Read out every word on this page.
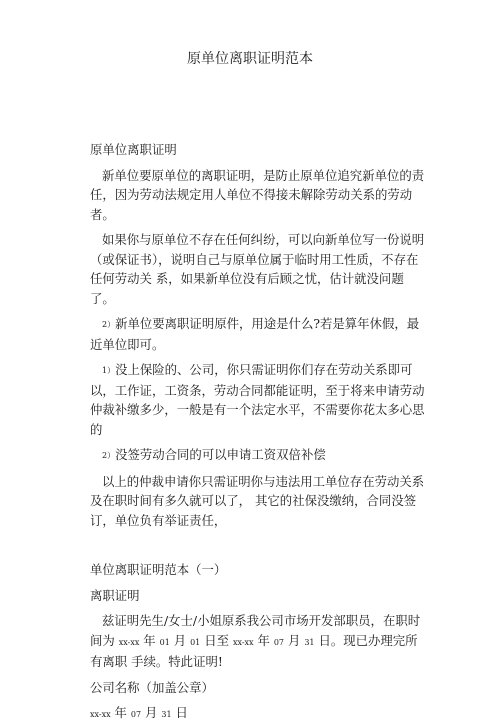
原单位离职证明范本

原单位离职证明

新单位要原单位的离职证明，是防止原单位追究新单位的责任，因为劳动法规定用人单位不得接未解除劳动关系的劳动者。

如果你与原单位不存在任何纠纷，可以向新单位写一份说明（或保证书），说明自己与原单位属于临时用工性质，不存在任何劳动关 系，如果新单位没有后顾之忧，估计就没问题了。

2）新单位要离职证明原件，用途是什么?若是算年休假，最近单位即可。

1）没上保险的、公司，你只需证明你们存在劳动关系即可以，工作证，工资条，劳动合同都能证明，至于将来申请劳动仲裁补缴多少，一般是有一个法定水平，不需要你花太多心思的

2）没签劳动合同的可以申请工资双倍补偿

以上的仲裁申请你只需证明你与违法用工单位存在劳动关系及在职时间有多久就可以了， 其它的社保没缴纳，合同没签订，单位负有举证责任，

单位离职证明范本（一）

离职证明

兹证明先生/女士/小姐原系我公司市场开发部职员，在职时间为 xx-xx 年 01 月 01 日至 xx-xx 年 07 月 31 日。现已办理完所有离职 手续。特此证明!

公司名称（加盖公章）

xx-xx 年 07 月 31 日
